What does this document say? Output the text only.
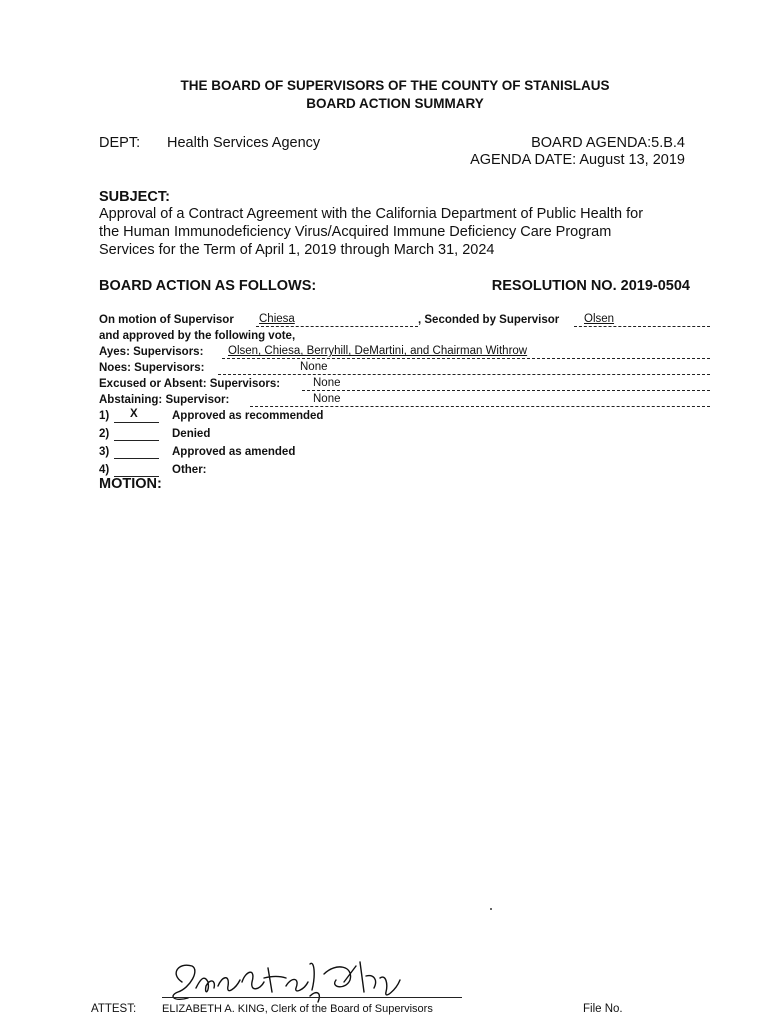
THE BOARD OF SUPERVISORS OF THE COUNTY OF STANISLAUS
BOARD ACTION SUMMARY
DEPT: Health Services Agency	BOARD AGENDA:5.B.4
AGENDA DATE: August 13, 2019
SUBJECT:
Approval of a Contract Agreement with the California Department of Public Health for
the Human Immunodeficiency Virus/Acquired Immune Deficiency Care Program
Services for the Term of April 1, 2019 through March 31, 2024
BOARD ACTION AS FOLLOWS:	RESOLUTION NO. 2019-0504
On motion of Supervisor Chiesa	, Seconded by Supervisor Olsen
and approved by the following vote,
Ayes: Supervisors: Olsen, Chiesa, Berryhill, DeMartini, and Chairman Withrow
Noes: Supervisors:	None
Excused or Absent: Supervisors:	None
Abstaining: Supervisor:	None
1) X	Approved as recommended
2)	Denied
3)	Approved as amended
4)	Other:
MOTION:
ATTEST: ELIZABETH A. KING, Clerk of the Board of Supervisors	File No.
